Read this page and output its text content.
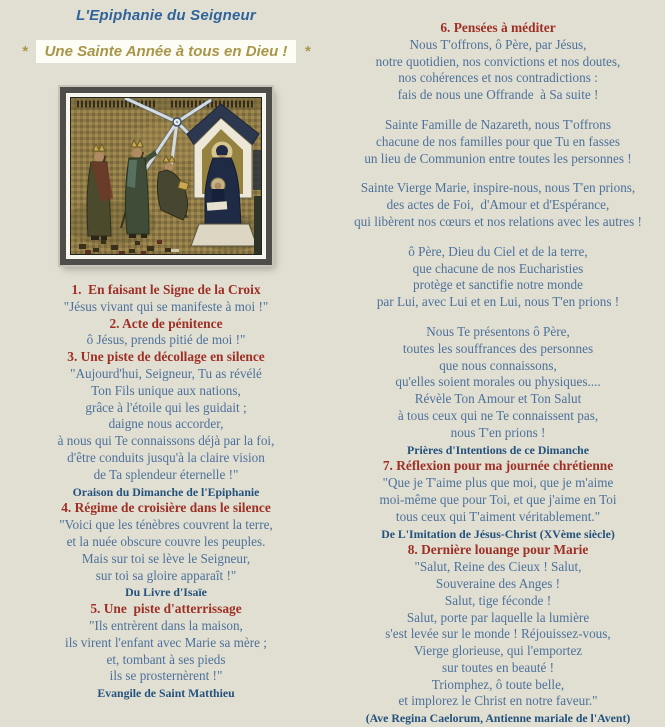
L'Epiphanie du Seigneur
*	Une Sainte Année à tous en Dieu !	*
1.  En faisant le Signe de la Croix
"Jésus vivant qui se manifeste à moi !"
2. Acte de pénitence
ô Jésus, prends pitié de moi !"
3. Une piste de décollage en silence
"Aujourd'hui, Seigneur, Tu as révélé
Ton Fils unique aux nations,
grâce à l'étoile qui les guidait ;
daigne nous accorder,
à nous qui Te connaissons déjà par la foi,
d'être conduits jusqu'à la claire vision
de Ta splendeur éternelle !"
Oraison du Dimanche de l'Epiphanie
4. Régime de croisière dans le silence
"Voici que les ténèbres couvrent la terre,
et la nuée obscure couvre les peuples.
Mais sur toi se lève le Seigneur,
sur toi sa gloire apparaît !"
Du Livre d'Isaïe
5. Une  piste d'atterrissage
"Ils entrèrent dans la maison,
ils virent l'enfant avec Marie sa mère ;
et, tombant à ses pieds
ils se prosternèrent !"
Evangile de Saint Matthieu
6. Pensées à méditer
Nous T'offrons, ô Père, par Jésus,
notre quotidien, nos convictions et nos doutes,
nos cohérences et nos contradictions :
fais de nous une Offrande  à Sa suite !
Sainte Famille de Nazareth, nous T'offrons
chacune de nos familles pour que Tu en fasses
un lieu de Communion entre toutes les personnes !
Sainte Vierge Marie, inspire-nous, nous T'en prions,
des actes de Foi,  d'Amour et d'Espérance,
qui libèrent nos cœurs et nos relations avec les autres !
ô Père, Dieu du Ciel et de la terre,
que chacune de nos Eucharisties
protège et sanctifie notre monde
par Lui, avec Lui et en Lui, nous T'en prions !
Nous Te présentons ô Père,
toutes les souffrances des personnes
que nous connaissons,
qu'elles soient morales ou physiques....
Révèle Ton Amour et Ton Salut
à tous ceux qui ne Te connaissent pas,
nous T'en prions !
Prières d'Intentions de ce Dimanche
7. Réflexion pour ma journée chrétienne
"Que je T'aime plus que moi, que je m'aime
moi-même que pour Toi, et que j'aime en Toi
tous ceux qui T'aiment véritablement."
De L'Imitation de Jésus-Christ (XVème siècle)
8. Dernière louange pour Marie
"Salut, Reine des Cieux ! Salut,
Souveraine des Anges !
Salut, tige féconde !
Salut, porte par laquelle la lumière
s'est levée sur le monde ! Réjouissez-vous,
Vierge glorieuse, qui l'emportez
sur toutes en beauté !
Triomphez, ô toute belle,
et implorez le Christ en notre faveur."
(Ave Regina Caelorum, Antienne mariale de l'Avent)
